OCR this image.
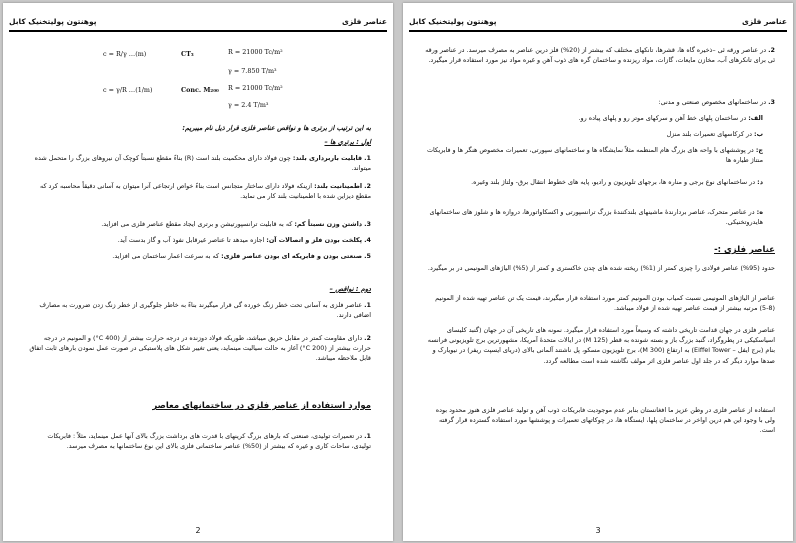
پوهنتون پولیتخنیک کابل	عناصر فلزی
c = R/γ …(m)	CT₃	R = 21000 Tc/m²
γ = 7.850 T/m³
c = γ/R …(1/m)	Conc. M₂₀₀ R = 21000 Tc/m²
γ = 2.4 T/m³
به این ترتیب از برتری ها و نواقص عناصر فلزی قرار ذیل نام میبریم:
اول : برتری ها –
1. قابلیت باربرداری بلند: چون فولاد دارای محکمیت بلند است (R) بناءً مقطع نسبتاً کوچک آن نیروهای بزرگ را متحمل شده میتواند.
2. اطمینانیت بلند: ازینکه فولاد دارای ساختار متجانس است بناءً خواص ارتجاعی آنرا میتوان به آسانی دقیقاً محاسبه کرد که مقطع دیزاین شده با اطمینانیت بلند کار می نماید.
3. داشتن وزن نسبتاً کم: که به قابلیت ترانسپورتیشن و برتری ایجاد مقطع عناصر فلزی می افزاید.
4. پکلخت بودن فلز و اتصالات آن: اجازه میدهد تا عناصر غیرقابل نفوذ آب و گاز بدست آید.
5. صنعتی بودن و فابریکه ای بودن عناصر فلزی: که به سرعت اعمار ساختمان می افزاید.
دوم : نواقص –
1. عناصر فلزی به آسانی تحت خطر زنگ خورده گی قرار میگیرند بناءً به خاطر جلوگیری از خطر زنگ زدن ضرورت به مصارف اضافی دارند.
2. دارای مقاومت کمتر در مقابل حریق میباشد، طوریکه فولاد دوزنده در درجه حرارت بیشتر از (400 C°) و المونیم در درجه حرارت بیشتر از (200 C°) آغاز به حالت سیالیت مینماید، یعنی تغییر شکل های پلاستیکی در صورت عمل نمودن بارهای ثابت اتفاق قابل ملاحظه میباشد.
موارد استفاده از عناصر فلزی در ساختمانهای معاصر
1. در تعمیرات تولیدی، صنعتی که بارهای بزرگ کرینهای با قدرت های برداشت بزرگ بالای آنها عمل مینماید، مثلاً : فابریکات تولیدی، ساحات کاری و غیره که بیشتر از (50%) عناصر ساختمانی فلزی بالای این نوع ساختمانها به مصرف میرسد.
2
پوهنتون پولیتخنیک کابل	عناصر فلزی
2. در عناصر ورقه ئی –ذخیره گاه ها، قشرها، تانکهای مختلف که بیشتر از (20%) فلز درین عناصر به مصرف میرسد. در عناصر ورقه ئی برای تانکرهای آب، مخازن مایعات، گازات، مواد ریزنده و ساختمان گره های ذوب آهن و غیره مواد نیز مورد استفاده قرار میگیرد.
3. در ساختمانهای مخصوص صنعتی و مدنی:
الف: در ساختمان پلهای خط آهن و سرکهای موتر رو و پلهای پیاده رو.
ب: در کرکاسهای تعمیرات بلند منزل
ج: در پوششهای با واحه های بزرگ هام المنظمه مثلاً نمایشگاه ها و ساختمانهای سپورتی، تعمیرات مخصوص هنگر ها و فابریکات منتاژ طیاره ها
د: در ساختمانهای نوع برجی و مناره ها، برجهای تلویزیون و رادیو، پایه های خطوط انتقال برق- ولتاژ بلند وغیره.
ه: در عناصر متحرک، عناصر بردارندهٔ ماشینهای بلندکنندهٔ بزرگ ترانسپورتی و اکسکاواتورها، دروازه ها و شلوز های ساختمانهای هایدروتخنیکی.
عناصر فلزی :-
حدود (95%) عناصر فولادی را چیزی کمتر از (1%) ریخته شده های چدن خاکستری و کمتر از (5%) الیاژهای المونیمی در بر میگیرد.
عناصر از الیاژهای المونیمی نسبت کمیاب بودن المونیم کمتر مورد استفاده قرار میگیرند، قیمت یک تن عناصر تهیه شده از المونیم (8-5) مرتبه بیشتر از قیمت عناصر تهیه شده از فولاد میباشد.
عناصر فلزی در جهان قدامت تاریخی داشته که وسیعاً مورد استفاده قرار میگیرد. نمونه های تاریخی آن در جهان (گنبد کلیسای اسیاسکیکی در پطروگراد، گنبد بزرگ باز و بسته شونده به قطر (125 M) در ایالات متحدهٔ آمریکا، مشهورترین برج تلویزیونی فرانسه بنام (برج ایفل – Eiffel Tower) به ارتفاع (300 M)، برج تلویزیون مسکو، پل ناشتند آلمانی بالای (دریای ایسپت ریفر) در نیویارک و صدها موارد دیگر که در جلد اول عناصر فلزی اثر مولف نگاشته شده است مطالعه گردد.
استفاده از عناصر فلزی در وطن عزیز ما افغانستان بنابر عدم موجودیت فابریکات ذوب آهن و تولید عناصر فلزی هنوز محدود بوده ولی با وجود این هم درین اواخر در ساختمان پلها، ایستگاه ها، در چوکاتهای تعمیرات و پوششها مورد استفاده گسترده قرار گرفته است.
3
